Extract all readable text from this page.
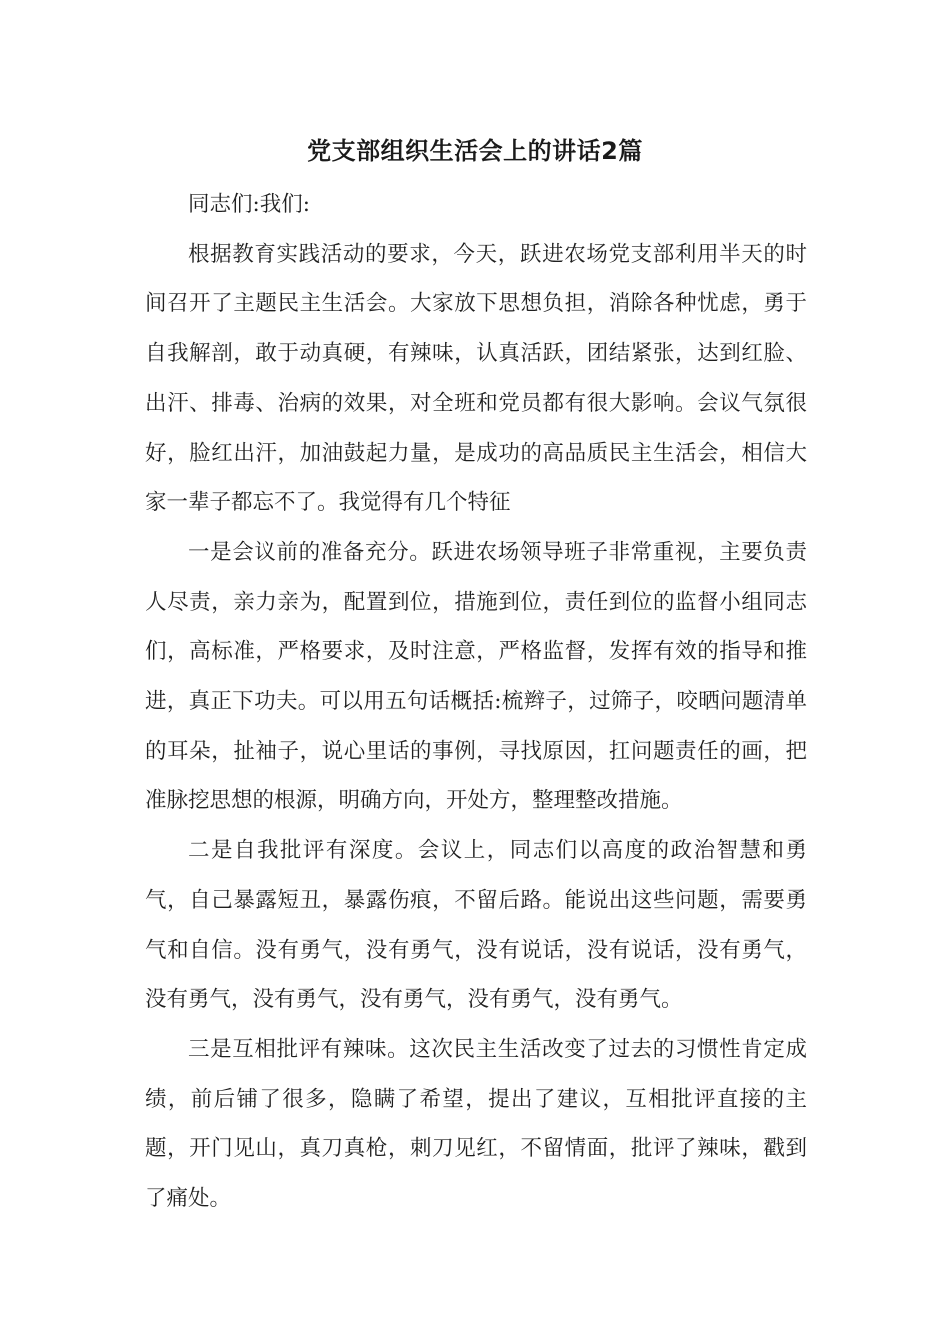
党支部组织生活会上的讲话2篇

同志们:我们:

根据教育实践活动的要求，今天，跃进农场党支部利用半天的时间召开了主题民主生活会。大家放下思想负担，消除各种忧虑，勇于自我解剖，敢于动真硬，有辣味，认真活跃，团结紧张，达到红脸、出汗、排毒、治病的效果，对全班和党员都有很大影响。会议气氛很好，脸红出汗，加油鼓起力量，是成功的高品质民主生活会，相信大家一辈子都忘不了。我觉得有几个特征

一是会议前的准备充分。跃进农场领导班子非常重视，主要负责人尽责，亲力亲为，配置到位，措施到位，责任到位的监督小组同志们，高标准，严格要求，及时注意，严格监督，发挥有效的指导和推进，真正下功夫。可以用五句话概括:梳辫子，过筛子，咬晒问题清单的耳朵，扯袖子，说心里话的事例，寻找原因，扛问题责任的画，把准脉挖思想的根源，明确方向，开处方，整理整改措施。

二是自我批评有深度。会议上，同志们以高度的政治智慧和勇气，自己暴露短丑，暴露伤痕，不留后路。能说出这些问题，需要勇气和自信。没有勇气，没有勇气，没有说话，没有说话，没有勇气，没有勇气，没有勇气，没有勇气，没有勇气，没有勇气。

三是互相批评有辣味。这次民主生活改变了过去的习惯性肯定成绩，前后铺了很多，隐瞒了希望，提出了建议，互相批评直接的主题，开门见山，真刀真枪，刺刀见红，不留情面，批评了辣味，戳到了痛处。
